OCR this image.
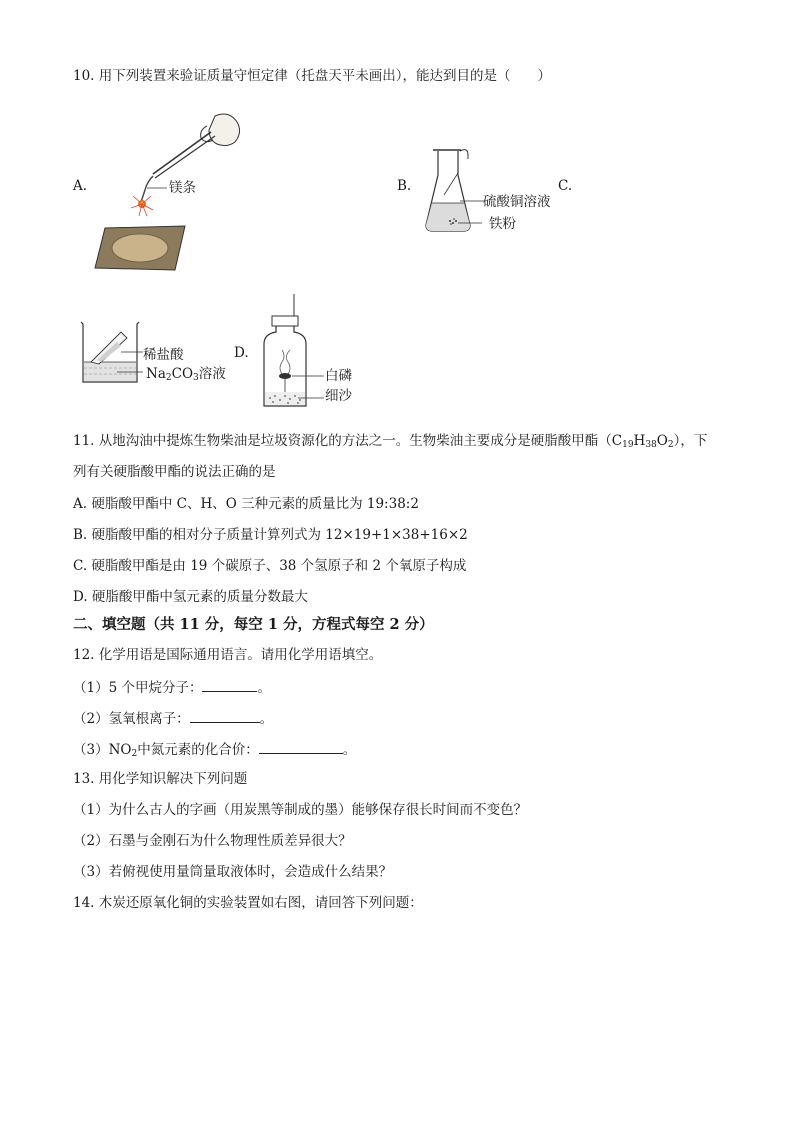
10. 用下列装置来验证质量守恒定律（托盘天平未画出），能达到目的是（　　）
A.	镁条	B.
硫酸铜溶液
铁粉
C.
稀盐酸
$Na_2CO_3$溶液
D.
白磷
细沙
11. 从地沟油中提炼生物柴油是垃圾资源化的方法之一。生物柴油主要成分是硬脂酸甲酯$(C_{19}H_{38}O_2)$，下
列有关硬脂酸甲酯的说法正确的是
A. 硬脂酸甲酯中 C、H、O 三种元素的质量比为 19:38:2
B. 硬脂酸甲酯的相对分子质量计算列式为 12×19+1×38+16×2
C. 硬脂酸甲酯是由 19 个碳原子、38 个氢原子和 2 个氧原子构成
D. 硬脂酸甲酯中氢元素的质量分数最大
二、填空题（共 11 分，每空 1 分，方程式每空 2 分）
12. 化学用语是国际通用语言。请用化学用语填空。
（1）5 个甲烷分子：	。
（2）氢氧根离子：	。
$(3)NO_2$中氮元素的化合价：	。
13. 用化学知识解决下列问题
（1）为什么古人的字画（用炭黑等制成的墨）能够保存很长时间而不变色？
（2）石墨与金刚石为什么物理性质差异很大？
（3）若俯视使用量筒量取液体时，会造成什么结果？
14. 木炭还原氧化铜的实验装置如右图，请回答下列问题：
